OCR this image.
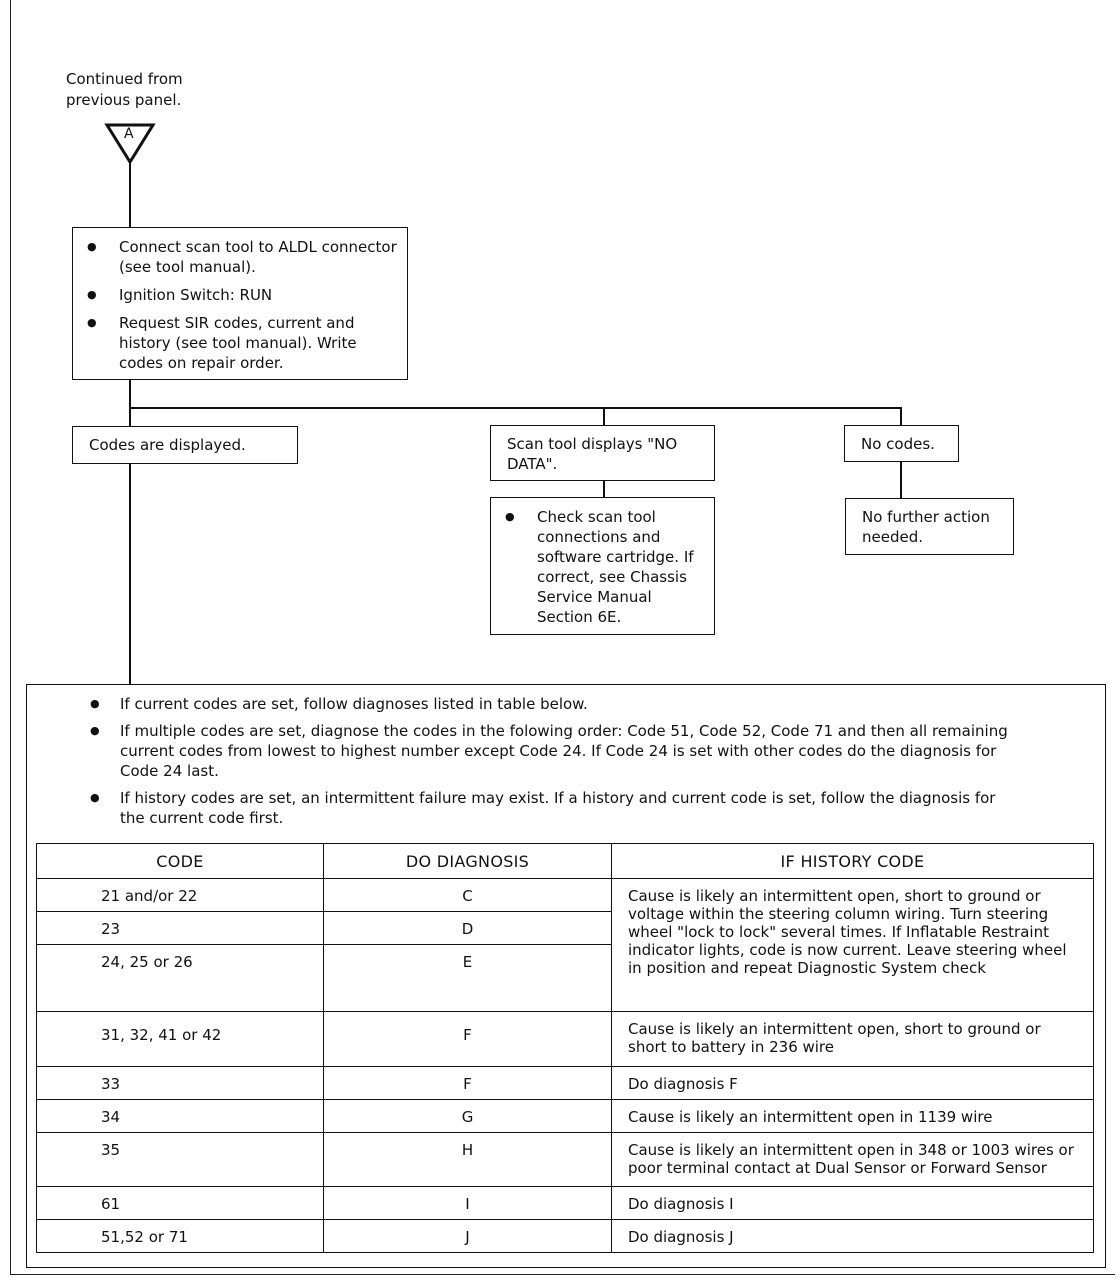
Continued from previous panel.
A
● Connect scan tool to ALDL connector (see tool manual).
● Ignition Switch: RUN
● Request SIR codes, current and history (see tool manual). Write codes on repair order.
Codes are displayed.	Scan tool displays "NO DATA".
● Check scan tool connections and software cartridge. If correct, see Chassis Service Manual Section 6E.
No codes.
No further action needed.
● If current codes are set, follow diagnoses listed in table below.
● If multiple codes are set, diagnose the codes in the folowing order: Code 51, Code 52, Code 71 and then all remaining current codes from lowest to highest number except Code 24. If Code 24 is set with other codes do the diagnosis for Code 24 last.
● If history codes are set, an intermittent failure may exist. If a history and current code is set, follow the diagnosis for the current code first.
CODE	DO DIAGNOSIS	IF HISTORY CODE

21 and/or 22	C	Cause is likely an intermittent open, short to ground or voltage within the steering column wiring. Turn steering wheel "lock to lock" several times. If Inflatable Restraint indicator lights, code is now current. Leave steering wheel in position and repeat Diagnostic System check

23	D	

24, 25 or 26	E	

31, 32, 41 or 42	F	Cause is likely an intermittent open, short to ground or short to battery in 236 wire

33	F	Do diagnosis F

34	G	Cause is likely an intermittent open in 1139 wire

35	H	Cause is likely an intermittent open in 348 or 1003 wires or poor terminal contact at Dual Sensor or Forward Sensor

61	I	Do diagnosis I

51,52 or 71	J	Do diagnosis J
